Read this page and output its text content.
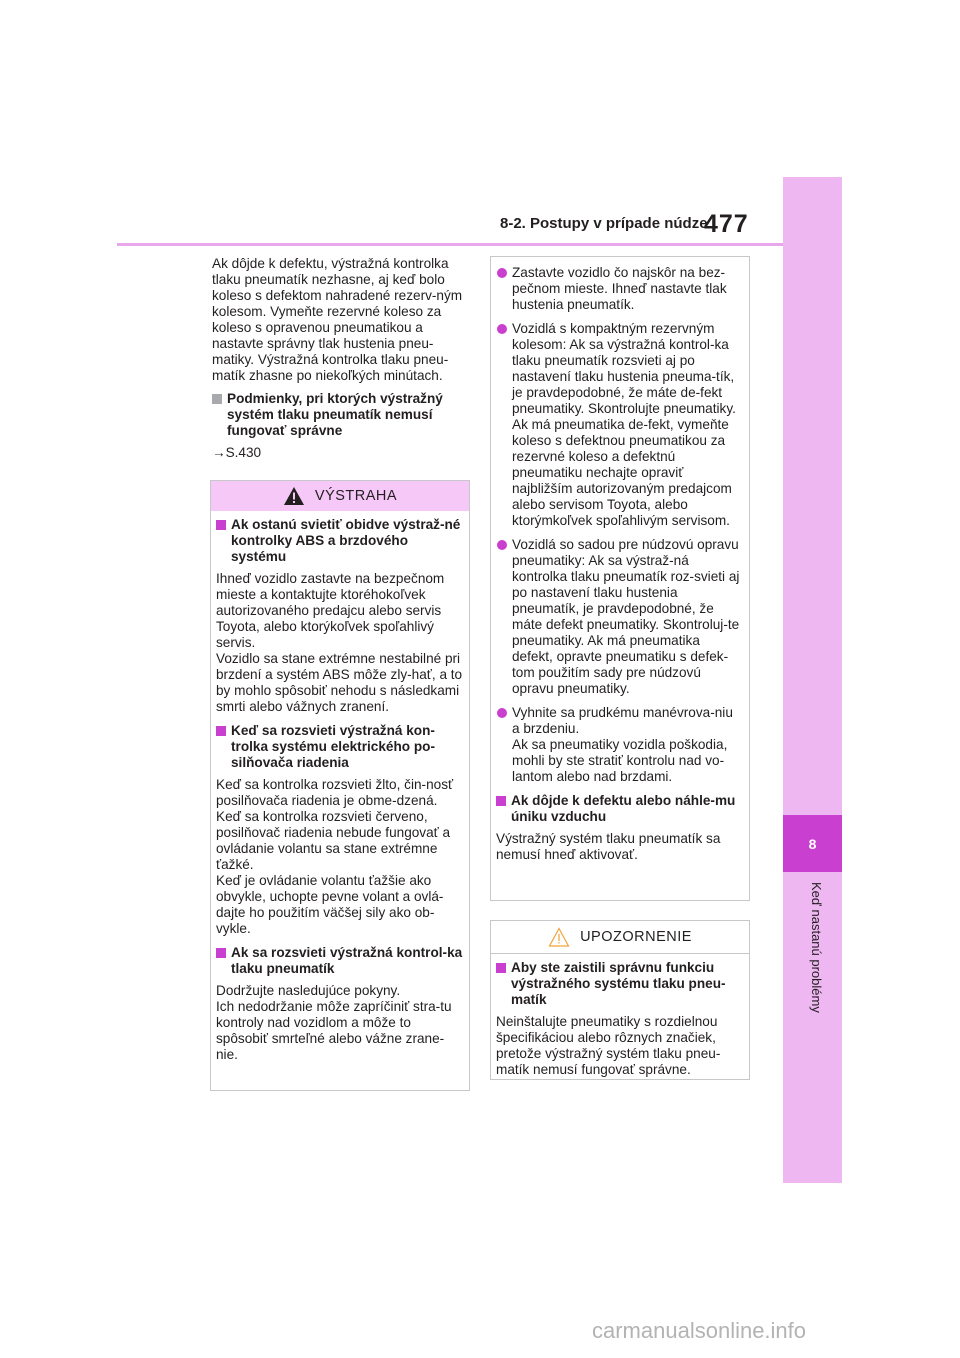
8-2. Postupy v prípade núdze
477
8
Keď nastanú problémy

Ak dôjde k defektu, výstražná kontrolka tlaku pneumatík nezhasne, aj keď bolo koleso s defektom nahradené rezerv-ným kolesom. Vymeňte rezervné koleso za koleso s opravenou pneumatikou a nastavte správny tlak hustenia pneu-matiky. Výstražná kontrolka tlaku pneu-matík zhasne po niekoľkých minútach.

Podmienky, pri ktorých výstražný systém tlaku pneumatík nemusí fungovať správne

→S.430

VÝSTRAHA
Ak ostanú svietiť obidve výstraž-né kontrolky ABS a brzdového systému

Ihneď vozidlo zastavte na bezpečnom mieste a kontaktujte ktoréhokoľvek autorizovaného predajcu alebo servis Toyota, alebo ktorýkoľvek spoľahlivý servis.

Vozidlo sa stane extrémne nestabilné pri brzdení a systém ABS môže zly-hať, a to by mohlo spôsobiť nehodu s následkami smrti alebo vážnych zranení.

Keď sa rozsvieti výstražná kon-trolka systému elektrického po-silňovača riadenia

Keď sa kontrolka rozsvieti žlto, čin-nosť posilňovača riadenia je obme-dzená. Keď sa kontrolka rozsvieti červeno, posilňovač riadenia nebude fungovať a ovládanie volantu sa stane extrémne ťažké.

Keď je ovládanie volantu ťažšie ako obvykle, uchopte pevne volant a ovlá-dajte ho použitím väčšej sily ako ob-vykle.

Ak sa rozsvieti výstražná kontrol-ka tlaku pneumatík

Dodržujte nasledujúce pokyny.

Ich nedodržanie môže zapríčiniť stra-tu kontroly nad vozidlom a môže to spôsobiť smrteľné alebo vážne zrane-nie.

Zastavte vozidlo čo najskôr na bez-pečnom mieste. Ihneď nastavte tlak hustenia pneumatík.
Vozidlá s kompaktným rezervným kolesom: Ak sa výstražná kontrol-ka tlaku pneumatík rozsvieti aj po nastavení tlaku hustenia pneuma-tík, je pravdepodobné, že máte de-fekt pneumatiky. Skontrolujte pneumatiky. Ak má pneumatika de-fekt, vymeňte koleso s defektnou pneumatikou za rezervné koleso a defektnú pneumatiku nechajte opraviť najbližším autorizovaným predajcom alebo servisom Toyota, alebo ktorýmkoľvek spoľahlivým servisom.
Vozidlá so sadou pre núdzovú opravu pneumatiky: Ak sa výstraž-ná kontrolka tlaku pneumatík roz-svieti aj po nastavení tlaku hustenia pneumatík, je pravdepodobné, že máte defekt pneumatiky. Skontroluj-te pneumatiky. Ak má pneumatika defekt, opravte pneumatiku s defek-tom použitím sady pre núdzovú opravu pneumatiky.
Vyhnite sa prudkému manévrova-niu a brzdeniu.
Ak sa pneumatiky vozidla poškodia, mohli by ste stratiť kontrolu nad vo-lantom alebo nad brzdami.
Ak dôjde k defektu alebo náhle-mu úniku vzduchu

Výstražný systém tlaku pneumatík sa nemusí hneď aktivovať.

UPOZORNENIE
Aby ste zaistili správnu funkciu výstražného systému tlaku pneu-matík

Neinštalujte pneumatiky s rozdielnou špecifikáciou alebo rôznych značiek, pretože výstražný systém tlaku pneu-matík nemusí fungovať správne.

carmanualsonline.info
